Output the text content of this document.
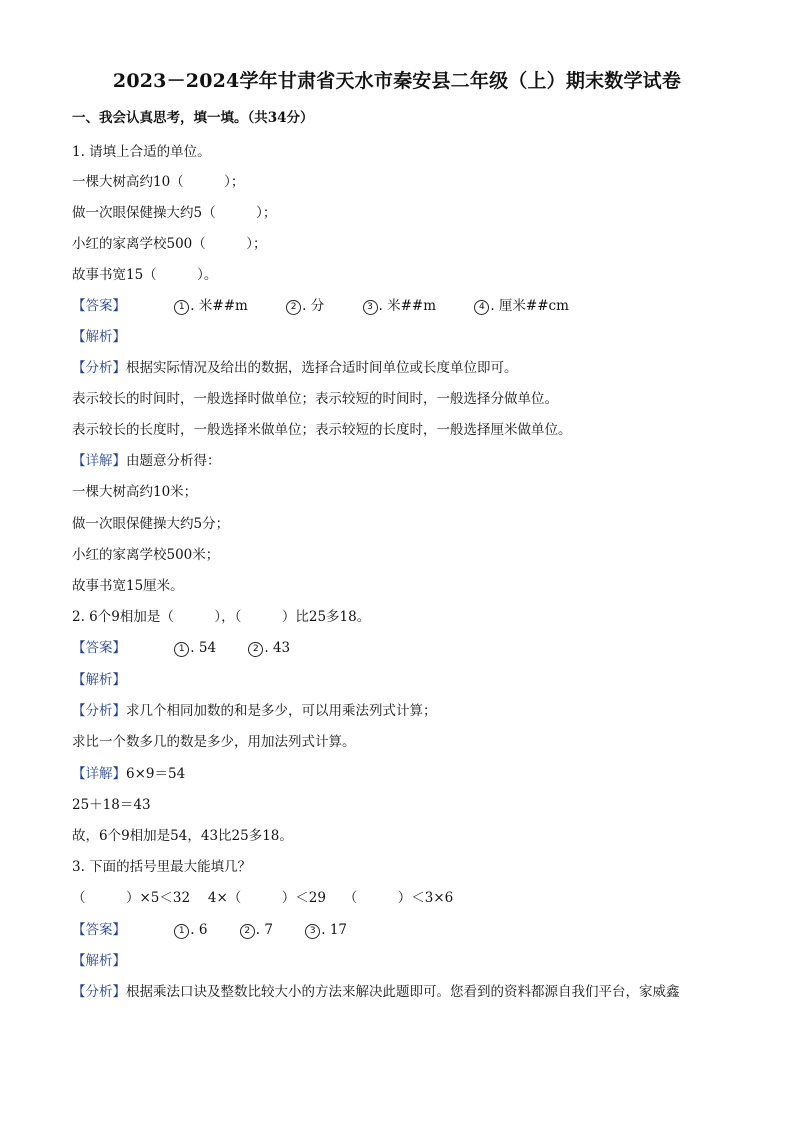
2023－2024学年甘肃省天水市秦安县二年级（上）期末数学试卷
一、我会认真思考，填一填。（共34分）
1. 请填上合适的单位。
一棵大树高约10（　　　）；
做一次眼保健操大约5（　　　）；
小红的家离学校500（　　　）；
故事书宽15（　　　）。
【答案】	1 . 米##m	2 . 分	3 . 米##m	4 . 厘米##cm
【解析】
【分析】根据实际情况及给出的数据，选择合适时间单位或长度单位即可。
表示较长的时间时，一般选择时做单位；表示较短的时间时，一般选择分做单位。
表示较长的长度时，一般选择米做单位；表示较短的长度时，一般选择厘米做单位。
【详解】由题意分析得：
一棵大树高约10米；
做一次眼保健操大约5分；
小红的家离学校500米；
故事书宽15厘米。
2. 6个9相加是（　　　），（　　　）比25多18。
【答案】	1 . 54	2 . 43
【解析】
【分析】求几个相同加数的和是多少，可以用乘法列式计算；
求比一个数多几的数是多少，用加法列式计算。
【详解】6×9＝54
25＋18＝43
故，6个9相加是54，43比25多18。
3. 下面的括号里最大能填几？
（　　　）×5＜32　 4×（　　　）＜29　 （　　　）＜3×6
【答案】	1 . 6	2 . 7	3 . 17
【解析】
【分析】根据乘法口诀及整数比较大小的方法来解决此题即可。您看到的资料都源自我们平台，家威鑫
